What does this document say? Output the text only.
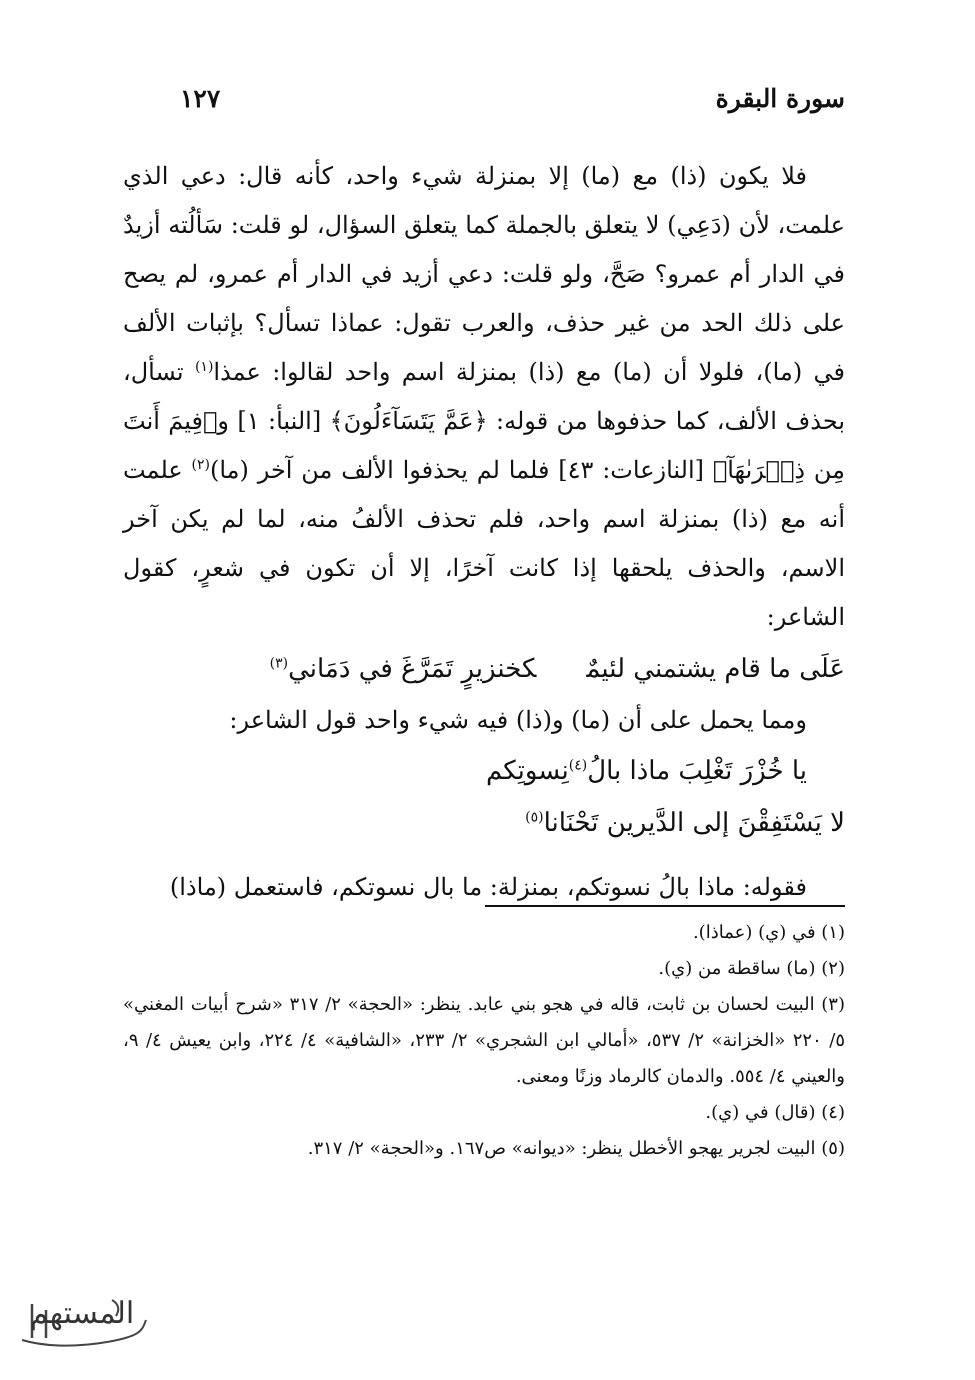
سورة البقرة
١٢٧

فلا يكون (ذا) مع (ما) إلا بمنزلة شيء واحد، كأنه قال: دعي الذي علمت، لأن (دَعِي) لا يتعلق بالجملة كما يتعلق السؤال، لو قلت: سَألُته أزيدٌ في الدار أم عمرو؟ صَحَّ، ولو قلت: دعي أزيد في الدار أم عمرو، لم يصح على ذلك الحد من غير حذف، والعرب تقول: عماذا تسأل؟ بإثبات الألف في (ما)، فلولا أن (ما) مع (ذا) بمنزلة اسم واحد لقالوا: عمذا$^{(١)}$ تسأل، بحذف الألف، كما حذفوها من قوله: ﴿عَمَّ يَتَسَآءَلُونَ﴾ [النبأ: ١] و﴿فِيمَ أَنتَ مِن ذِكۡرَىٰهَآ﴾ [النازعات: ٤٣] فلما لم يحذفوا الألف من آخر (ما)$^{(٢)}$ علمت أنه مع (ذا) بمنزلة اسم واحد، فلم تحذف الألفُ منه، لما لم يكن آخر الاسم، والحذف يلحقها إذا كانت آخرًا، إلا أن تكون في شعرٍ، كقول الشاعر:

عَلَى ما قام يشتمني لئيمٌكخنزيرٍ تَمَرَّغَ في دَمَاني$^{(٣)}$

ومما يحمل على أن (ما) و(ذا) فيه شيء واحد قول الشاعر:

يا خُزْرَ تَغْلِبَ ماذا بالُ$^{(٤)}$نِسوتِكم

لا يَسْتَفِقْنَ إلى الدَّيرين تَحْنَانا$^{(٥)}$

فقوله: ماذا بالُ نسوتكم، بمنزلة: ما بال نسوتكم، فاستعمل (ماذا)

(١) في (ي) (عماذا).

(٢) (ما) ساقطة من (ي).

(٣) البيت لحسان بن ثابت، قاله في هجو بني عابد. ينظر: «الحجة» ٢/ ٣١٧ «شرح أبيات المغني» ٥/ ٢٢٠ «الخزانة» ٢/ ٥٣٧، «أمالي ابن الشجري» ٢/ ٢٣٣، «الشافية» ٤/ ٢٢٤، وابن يعيش ٤/ ٩، والعيني ٤/ ٥٥٤. والدمان كالرماد وزنًا ومعنى.

(٤) (قال) في (ي).

(٥) البيت لجرير يهجو الأخطل ينظر: «ديوانه» ص١٦٧. و«الحجة» ٢/ ٣١٧.

المستهم
